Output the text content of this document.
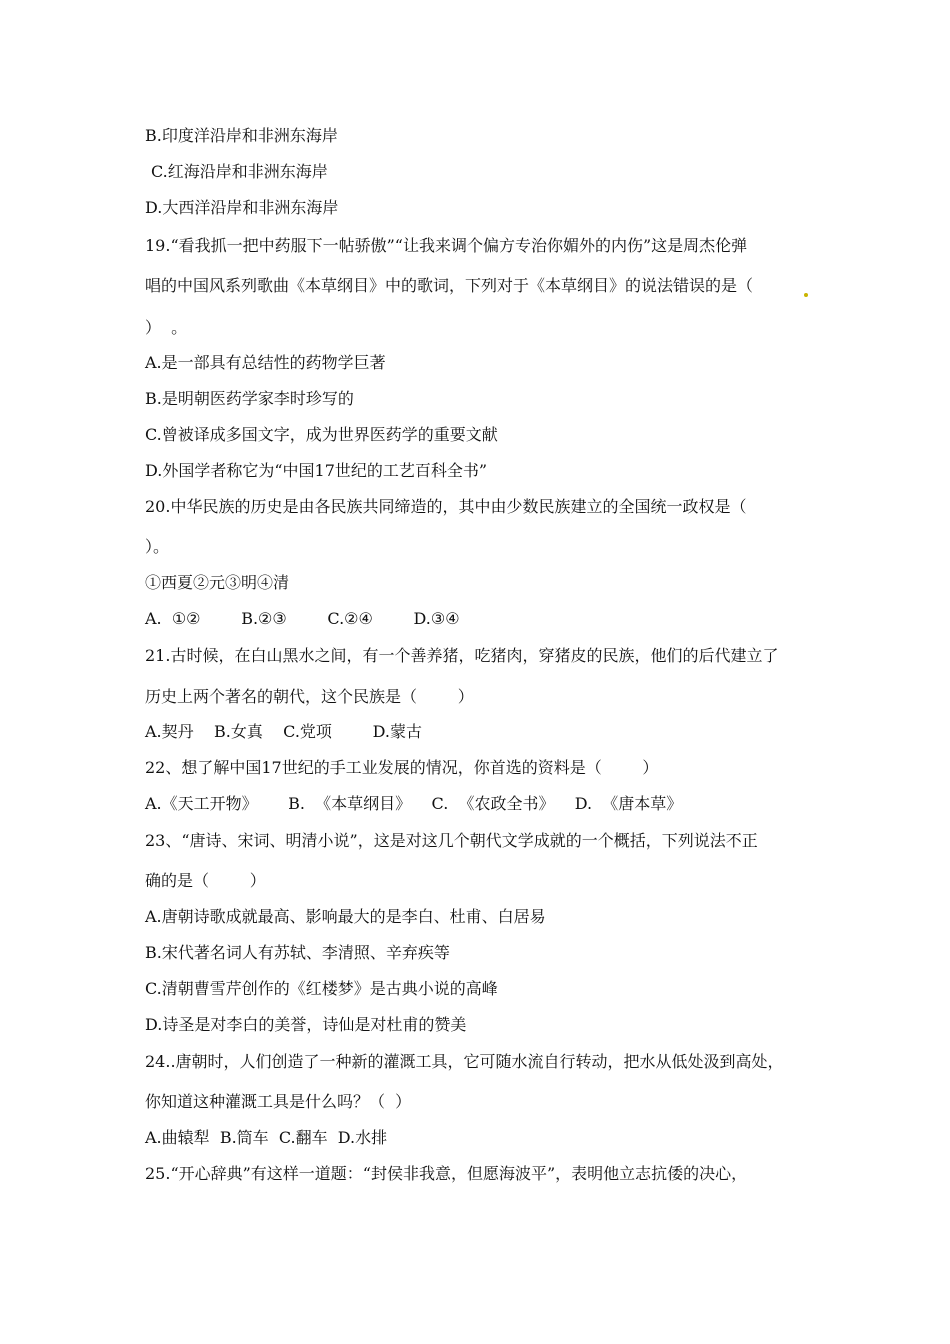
B.印度洋沿岸和非洲东海岸

C.红海沿岸和非洲东海岸

D.大西洋沿岸和非洲东海岸

19.“看我抓一把中药服下一帖骄傲”“让我来调个偏方专治你媚外的内伤”这是周杰伦弹

唱的中国风系列歌曲《本草纲目》中的歌词，下列对于《本草纲目》的说法错误的是（

）  。

A.是一部具有总结性的药物学巨著

B.是明朝医药学家李时珍写的

C.曾被译成多国文字，成为世界医药学的重要文献

D.外国学者称它为“中国17世纪的工艺百科全书”

20.中华民族的历史是由各民族共同缔造的，其中由少数民族建立的全国统一政权是（

）。

①西夏②元③明④清

A.  ①②        B.②③        C.②④        D.③④

21.古时候，在白山黑水之间，有一个善养猪，吃猪肉，穿猪皮的民族，他们的后代建立了

历史上两个著名的朝代，这个民族是（        ）

A.契丹    B.女真    C.党项        D.蒙古

22、想了解中国17世纪的手工业发展的情况，你首选的资料是（        ）

A.《天工开物》      B.  《本草纲目》    C.  《农政全书》    D.  《唐本草》

23、“唐诗、宋词、明清小说”，这是对这几个朝代文学成就的一个概括，下列说法不正

确的是（        ）

A.唐朝诗歌成就最高、影响最大的是李白、杜甫、白居易

B.宋代著名词人有苏轼、李清照、辛弃疾等

C.清朝曹雪芹创作的《红楼梦》是古典小说的高峰

D.诗圣是对李白的美誉，诗仙是对杜甫的赞美

24..唐朝时，人们创造了一种新的灌溉工具，它可随水流自行转动，把水从低处汲到高处，

你知道这种灌溉工具是什么吗？（  ）

A.曲辕犁  B.筒车  C.翻车  D.水排

25.“开心辞典”有这样一道题：“封侯非我意，但愿海波平”，表明他立志抗倭的决心，
